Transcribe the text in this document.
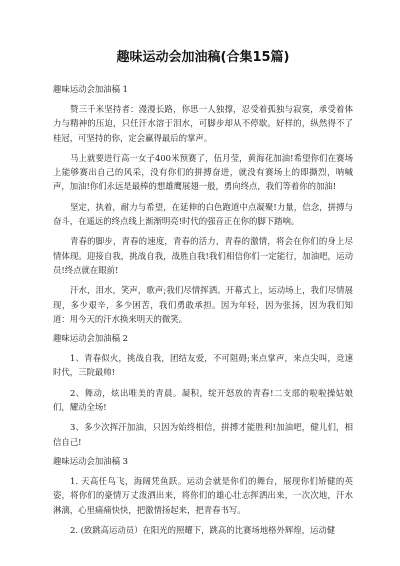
趣味运动会加油稿(合集15篇)

趣味运动会加油稿 1

赞三千米坚持者：漫漫长路，你思一人独撑，忍受着孤独与寂寞，承受着体力与精神的压迫，只任汗水溶于泪水，可脚步却从不停歇。好样的，纵然得不了桂冠，可坚持的你，定会赢得最后的掌声。

马上就要进行高一女子400米预赛了，伍月莹，黄海花加油!希望你们在赛场上能够赛出自己的风采，没有你们的拼搏奋进，就没有赛场上的即撕烈，呐喊声，加油!你们永远是最棒的想雄鹰展翅一般，勇向终点，我们等着你的加油!

坚定，执着，耐力与希望，在延伸的白色跑道中点凝聚!力量，信念，拼搏与奋斗，在遥远的终点线上渐渐明亮!时代的强音正在你的脚下踏响。

青春的脚步，青春的速度，青春的活力，青春的激情，将会在你们的身上尽情体现。迎接自我，挑战自我，战胜自我!我们相信你们一定能行，加油吧，运动员!终点就在眼前!

汗水，泪水，笑声，歌声;我们尽情挥洒。开幕式上，运动场上，我们尽情展现，多少艰辛，多少困苦，我们勇敢承担。因为年轻，因为张扬，因为我们知道：用今天的汗水换来明天的微笑。

趣味运动会加油稿 2

1、青春似火，挑战自我，团结友爱，不可阻碍;来点掌声，来点尖叫，竞速时代，三院最帅!

2、舞动，炫出唯美的青晨。凝积，绽开怒放的青春!二支部的啦啦操姑娘们，耀动全场!

3、多少次挥汗加油，只因为始终相信，拼搏才能胜利!加油吧，健儿们，相信自己!

趣味运动会加油稿 3

1. 天高任鸟飞，海阔凭鱼跃。运动会就是你们的舞台，展现你们矫健的英姿，将你们的豪情万丈泼洒出来，将你们的雄心壮志挥洒出来，一次次地，汗水淋漓，心里痛痛快快，把激情扬起来，把青春书写。

2. (致跳高运动员）在阳光的照耀下，跳高的比赛场地格外辉煌，运动健
